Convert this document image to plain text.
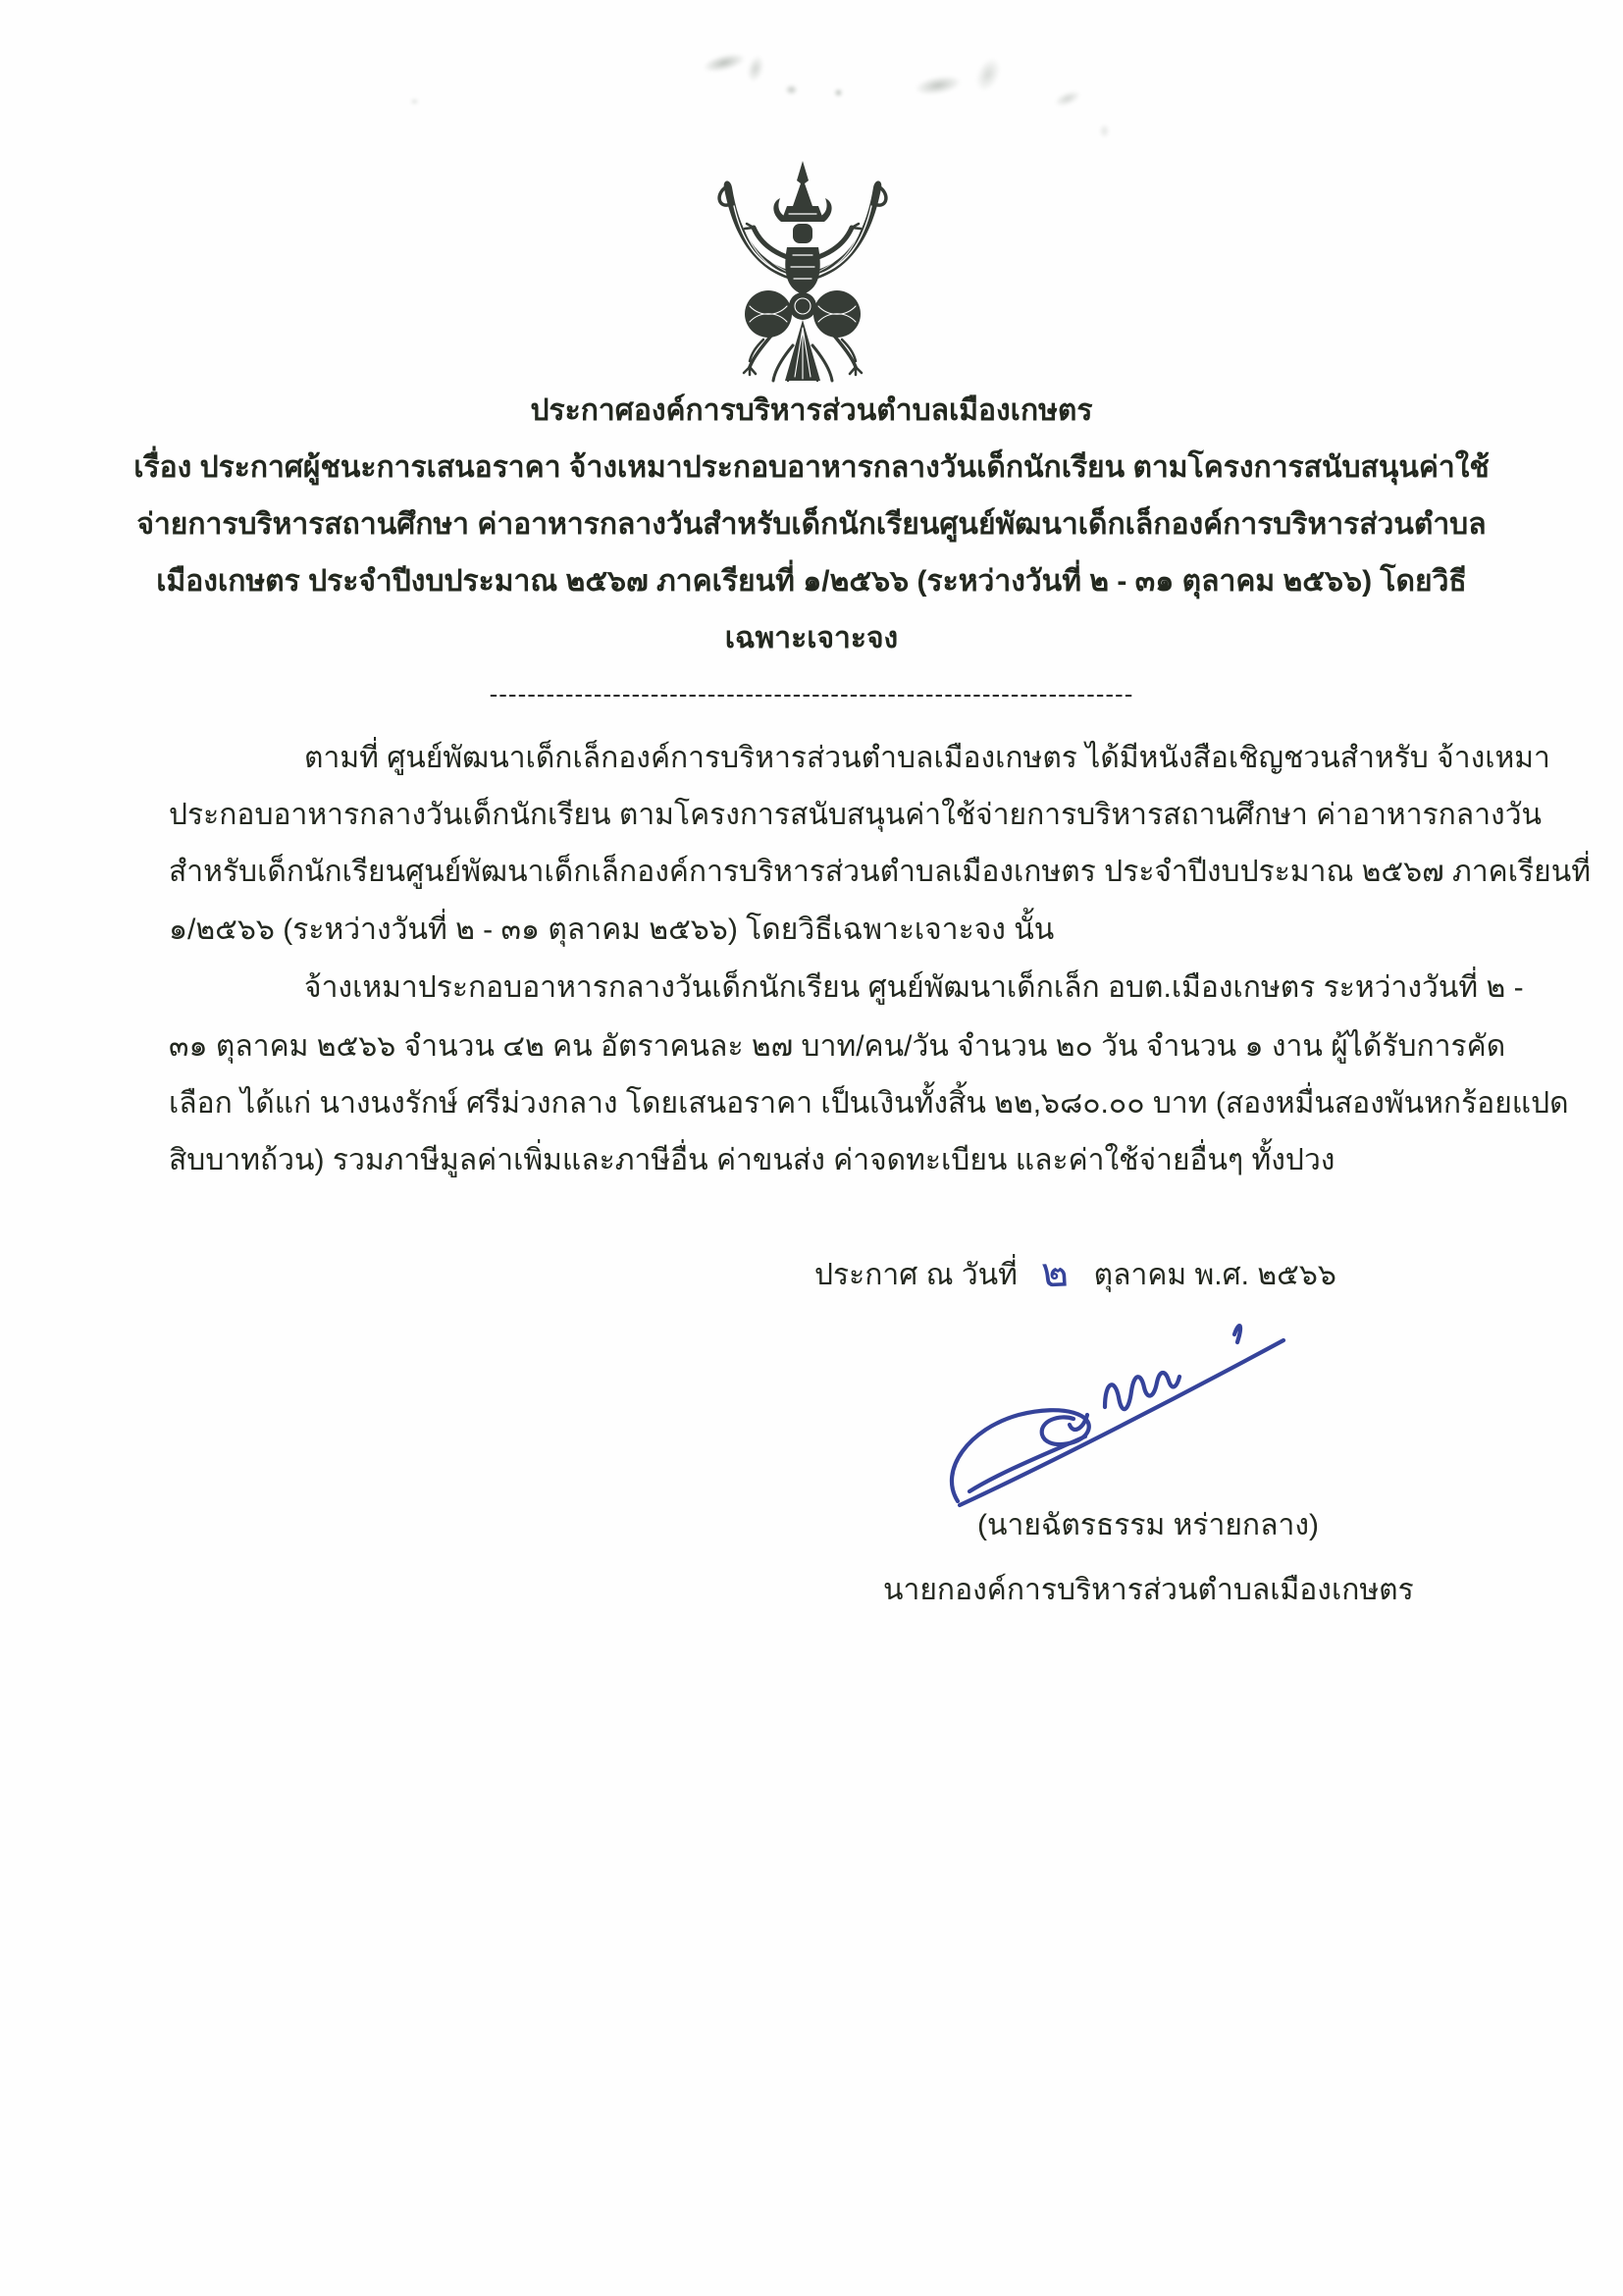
ประกาศองค์การบริหารส่วนตำบลเมืองเกษตร
เรื่อง ประกาศผู้ชนะการเสนอราคา จ้างเหมาประกอบอาหารกลางวันเด็กนักเรียน ตามโครงการสนับสนุนค่าใช้
จ่ายการบริหารสถานศึกษา ค่าอาหารกลางวันสำหรับเด็กนักเรียนศูนย์พัฒนาเด็กเล็กองค์การบริหารส่วนตำบล
เมืองเกษตร ประจำปีงบประมาณ ๒๕๖๗ ภาคเรียนที่ ๑/๒๕๖๖ (ระหว่างวันที่ ๒ - ๓๑ ตุลาคม ๒๕๖๖) โดยวิธี
เฉพาะเจาะจง
--------------------------------------------------------------------
ตามที่ ศูนย์พัฒนาเด็กเล็กองค์การบริหารส่วนตำบลเมืองเกษตร ได้มีหนังสือเชิญชวนสำหรับ จ้างเหมา
ประกอบอาหารกลางวันเด็กนักเรียน ตามโครงการสนับสนุนค่าใช้จ่ายการบริหารสถานศึกษา ค่าอาหารกลางวัน
สำหรับเด็กนักเรียนศูนย์พัฒนาเด็กเล็กองค์การบริหารส่วนตำบลเมืองเกษตร ประจำปีงบประมาณ ๒๕๖๗ ภาคเรียนที่
๑/๒๕๖๖ (ระหว่างวันที่ ๒ - ๓๑ ตุลาคม ๒๕๖๖) โดยวิธีเฉพาะเจาะจง นั้น
จ้างเหมาประกอบอาหารกลางวันเด็กนักเรียน ศูนย์พัฒนาเด็กเล็ก อบต.เมืองเกษตร ระหว่างวันที่ ๒ -
๓๑ ตุลาคม ๒๕๖๖ จำนวน ๔๒ คน อัตราคนละ ๒๗ บาท/คน/วัน จำนวน ๒๐ วัน จำนวน ๑ งาน ผู้ได้รับการคัด
เลือก ได้แก่ นางนงรักษ์ ศรีม่วงกลาง โดยเสนอราคา เป็นเงินทั้งสิ้น ๒๒,๖๘๐.๐๐ บาท (สองหมื่นสองพันหกร้อยแปด
สิบบาทถ้วน) รวมภาษีมูลค่าเพิ่มและภาษีอื่น ค่าขนส่ง ค่าจดทะเบียน และค่าใช้จ่ายอื่นๆ ทั้งปวง
ประกาศ ณ วันที่ ๒ ตุลาคม พ.ศ. ๒๕๖๖
(นายฉัตรธรรม หร่ายกลาง)
นายกองค์การบริหารส่วนตำบลเมืองเกษตร
